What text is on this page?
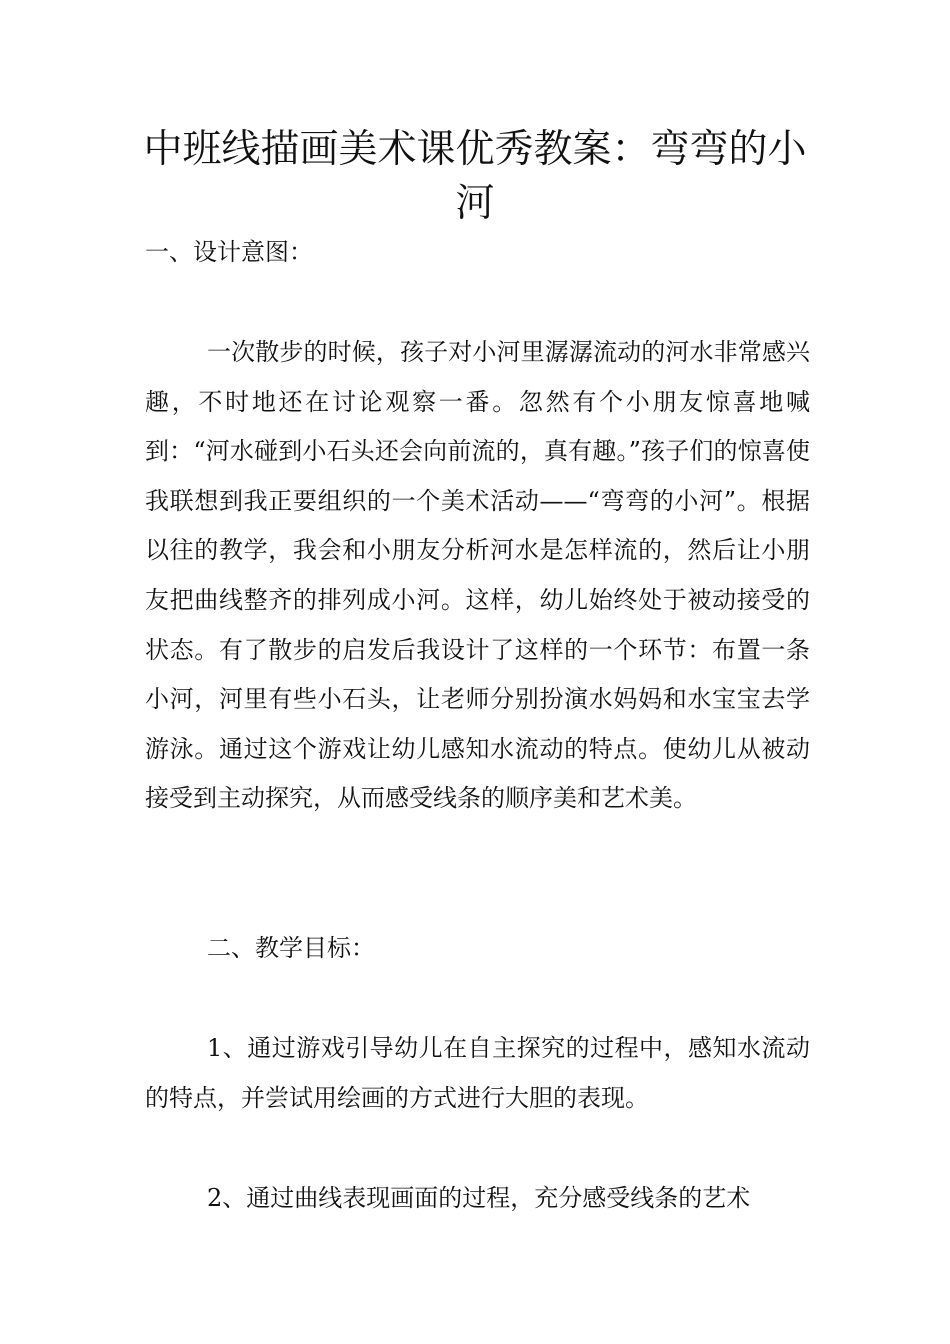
中班线描画美术课优秀教案：弯弯的小河

一、设计意图：

一次散步的时候，孩子对小河里潺潺流动的河水非常感兴趣，不时地还在讨论观察一番。忽然有个小朋友惊喜地喊到：“河水碰到小石头还会向前流的，真有趣。”孩子们的惊喜使我联想到我正要组织的一个美术活动——“弯弯的小河”。根据以往的教学，我会和小朋友分析河水是怎样流的，然后让小朋友把曲线整齐的排列成小河。这样，幼儿始终处于被动接受的状态。有了散步的启发后我设计了这样的一个环节：布置一条小河，河里有些小石头，让老师分别扮演水妈妈和水宝宝去学游泳。通过这个游戏让幼儿感知水流动的特点。使幼儿从被动接受到主动探究，从而感受线条的顺序美和艺术美。

二、教学目标：

1、通过游戏引导幼儿在自主探究的过程中，感知水流动的特点，并尝试用绘画的方式进行大胆的表现。

2、通过曲线表现画面的过程，充分感受线条的艺术
